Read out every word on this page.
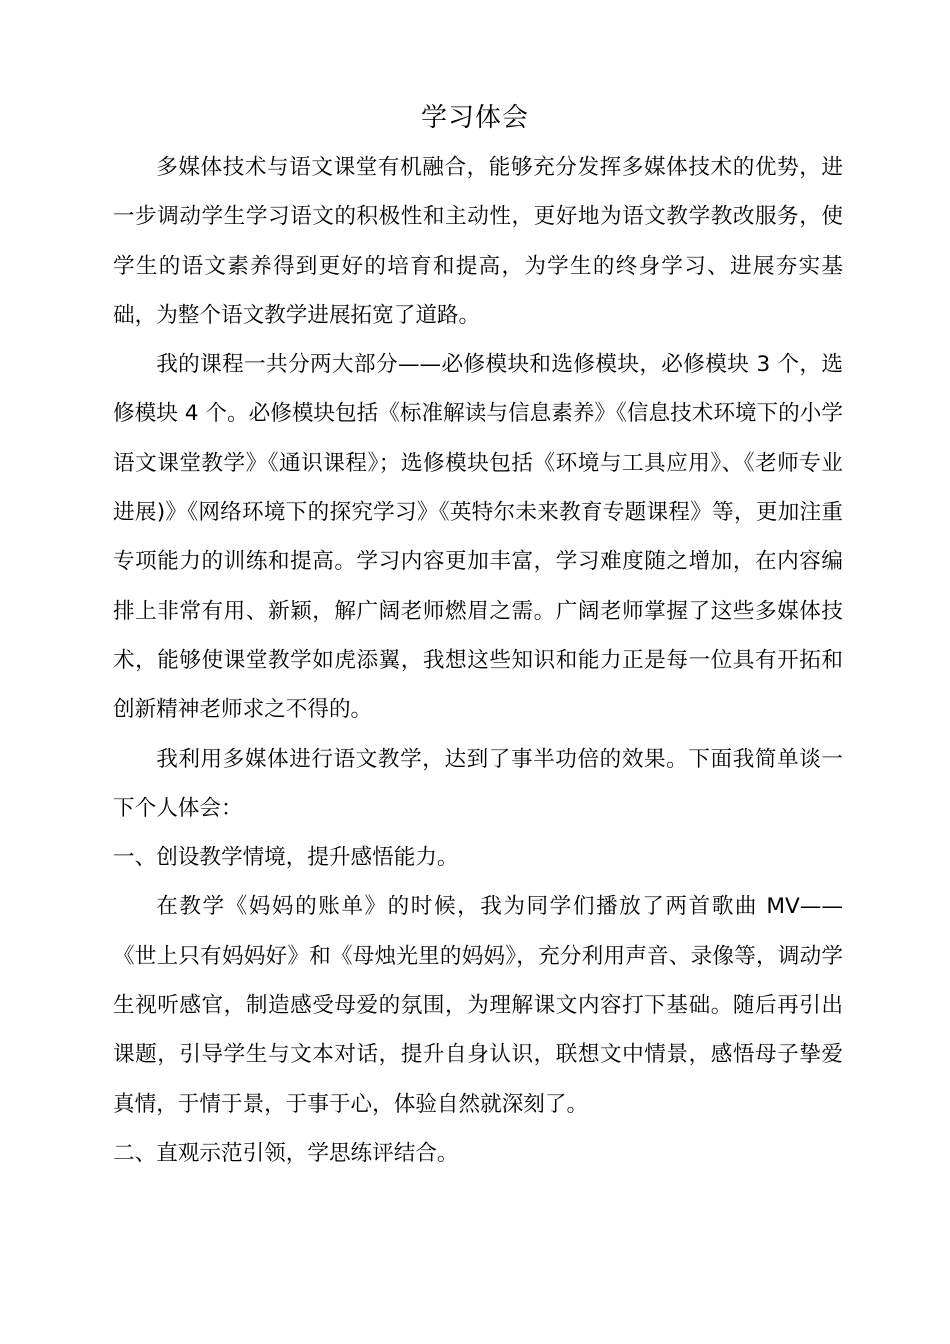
学习体会

多媒体技术与语文课堂有机融合，能够充分发挥多媒体技术的优势，进一步调动学生学习语文的积极性和主动性，更好地为语文教学教改服务，使学生的语文素养得到更好的培育和提高，为学生的终身学习、进展夯实基础，为整个语文教学进展拓宽了道路。

我的课程一共分两大部分——必修模块和选修模块，必修模块 3 个，选修模块 4 个。必修模块包括《标准解读与信息素养》《信息技术环境下的小学语文课堂教学》《通识课程》；选修模块包括《环境与工具应用》、《老师专业进展)》《网络环境下的探究学习》《英特尔未来教育专题课程》等，更加注重专项能力的训练和提高。学习内容更加丰富，学习难度随之增加，在内容编排上非常有用、新颖，解广阔老师燃眉之需。广阔老师掌握了这些多媒体技术，能够使课堂教学如虎添翼，我想这些知识和能力正是每一位具有开拓和创新精神老师求之不得的。

我利用多媒体进行语文教学，达到了事半功倍的效果。下面我简单谈一下个人体会：

一、创设教学情境，提升感悟能力。

在教学《妈妈的账单》的时候，我为同学们播放了两首歌曲 MV——《世上只有妈妈好》和《母烛光里的妈妈》，充分利用声音、录像等，调动学生视听感官，制造感受母爱的氛围，为理解课文内容打下基础。随后再引出课题，引导学生与文本对话，提升自身认识，联想文中情景，感悟母子挚爱真情，于情于景，于事于心，体验自然就深刻了。

二、直观示范引领，学思练评结合。
